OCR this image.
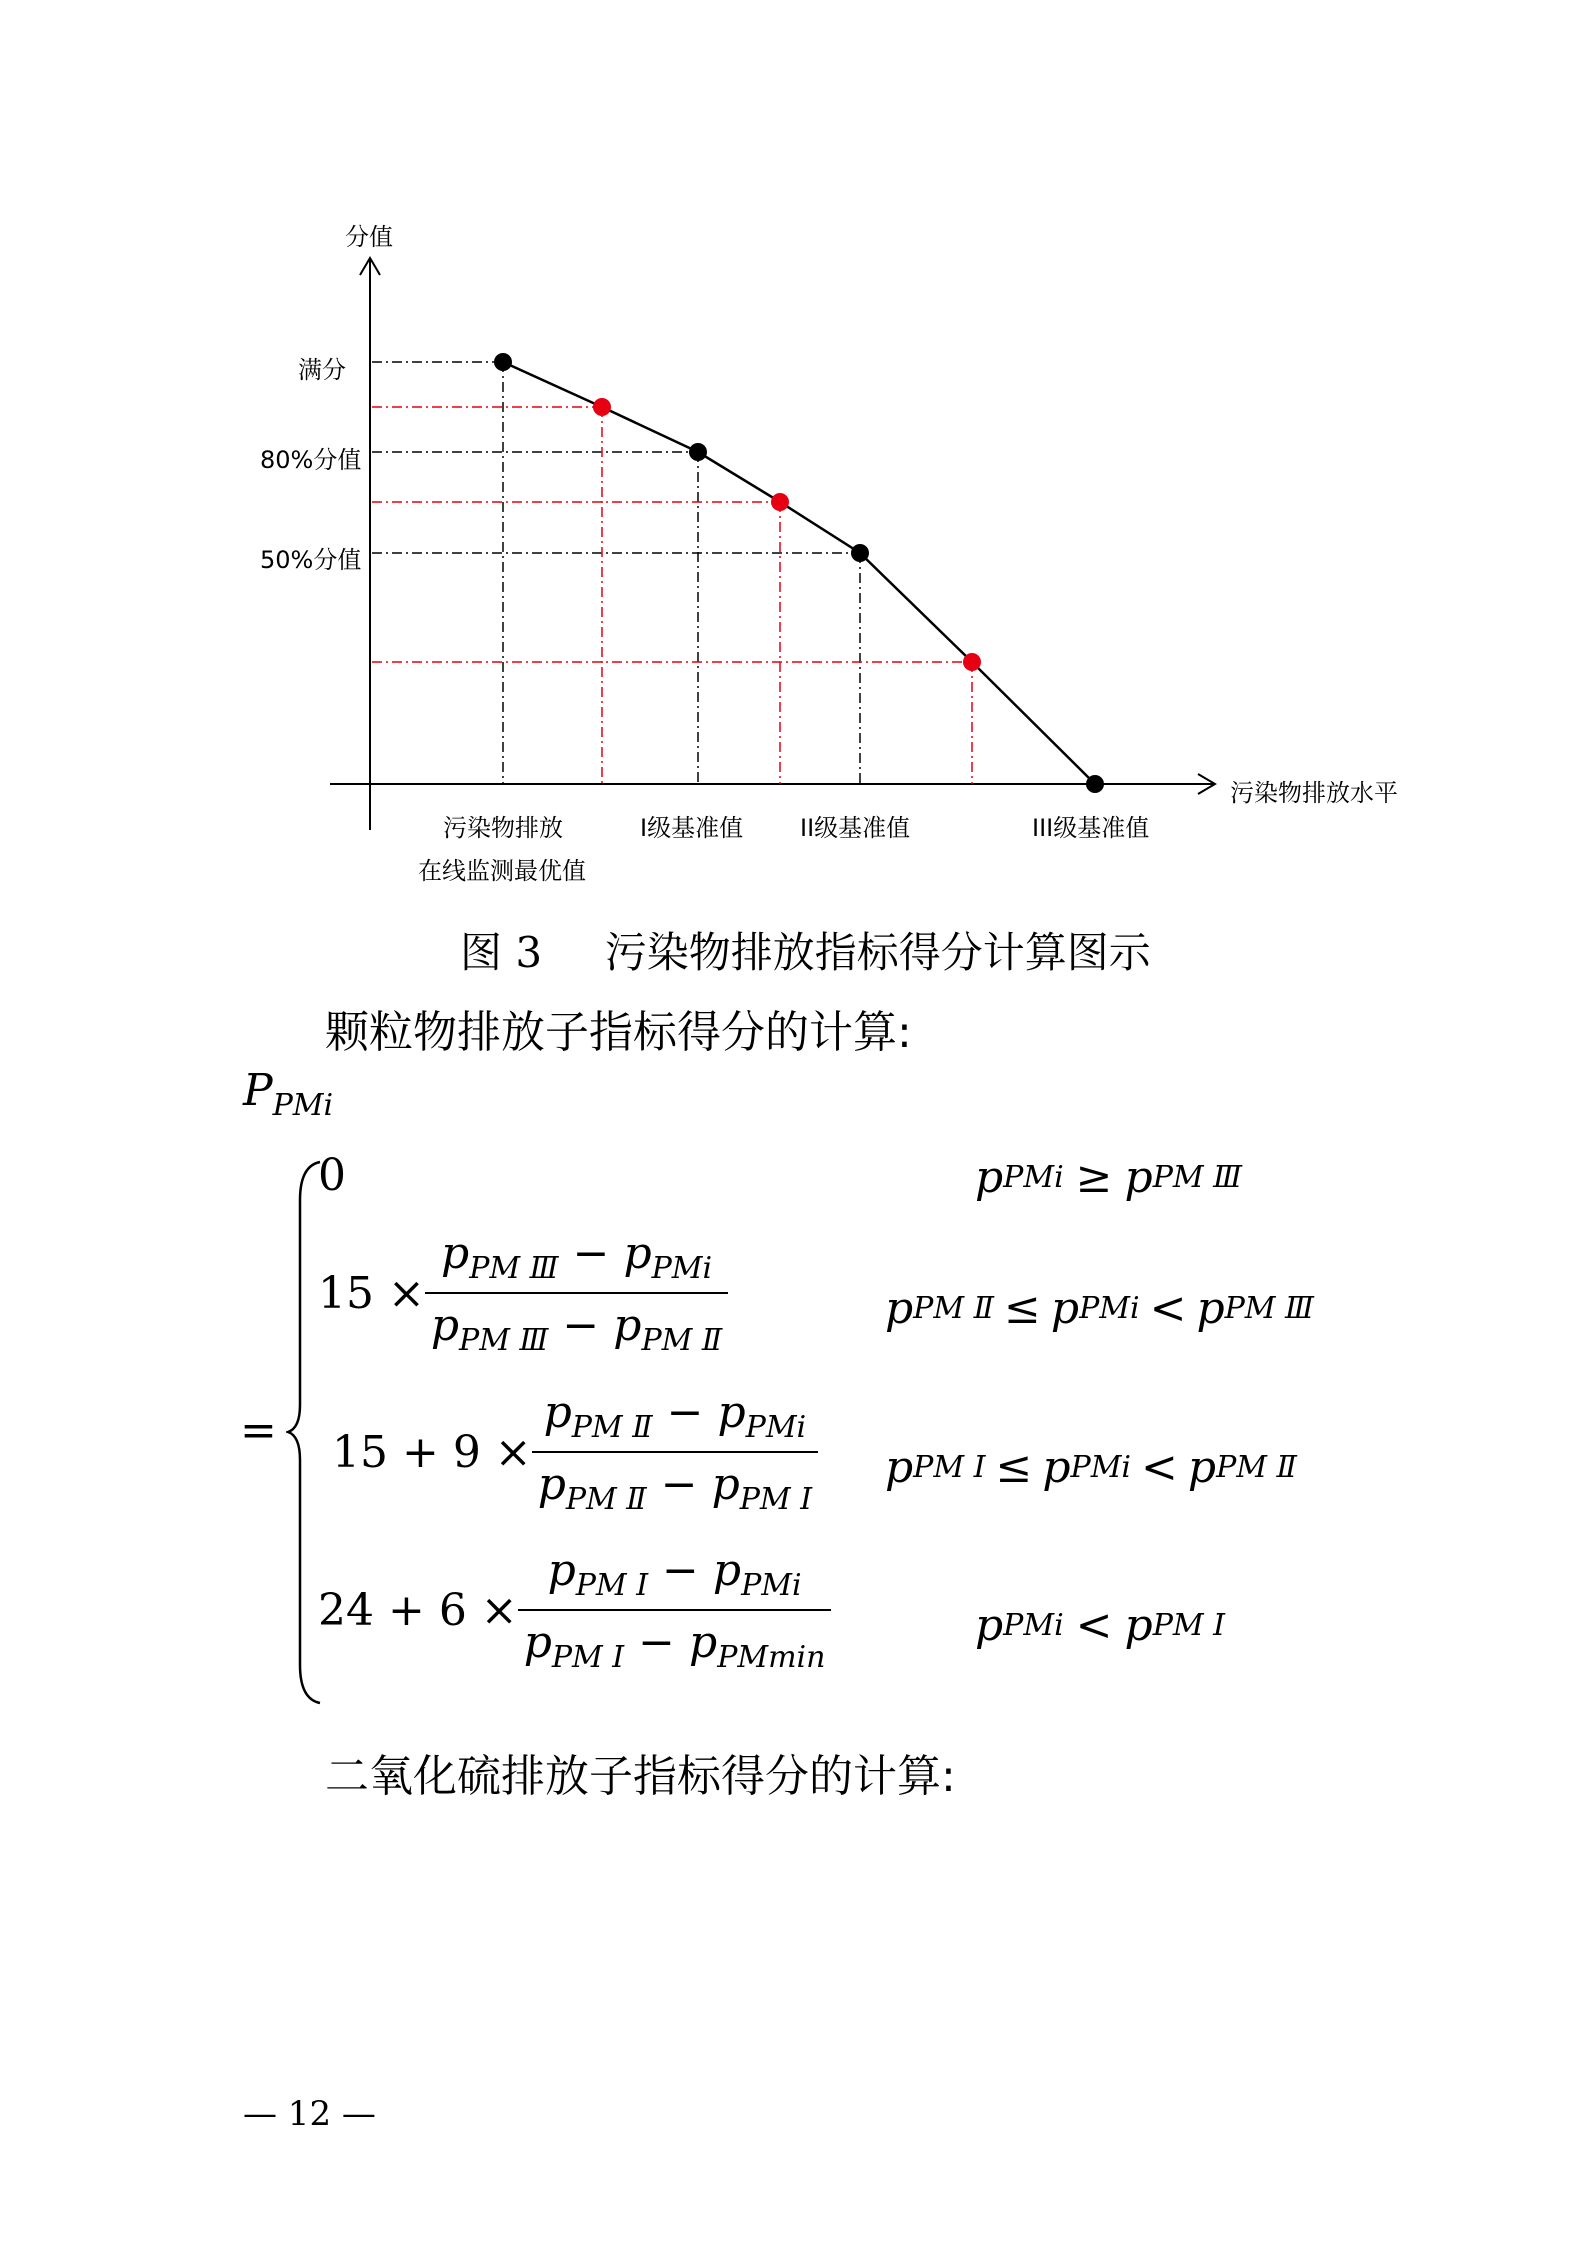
分值
污染物排放水平
满分
80%分值
50%分值
污染物排放
在线监测最优值
I级基准值 II级基准值	III级基准值
图 3 污染物排放指标得分计算图示
颗粒物排放子指标得分的计算:
$P_{PMi}$
=
0	p PMi ≥ p PM Ⅲ
$15 \times \frac{p_{PM Ⅲ} - p_{PMi}}{p_{PM Ⅲ} - p_{PM Ⅱ}}$	p PM Ⅱ ≤ p PMi < p PM Ⅲ
$15 + 9 \times \frac{p_{PM Ⅱ} - p_{PMi}}{p_{PM Ⅱ} - p_{PM Ⅰ}}$ p PM Ⅰ ≤ p PMi < p PM Ⅱ
$24 + 6 \times \frac{p_{PM Ⅰ} - p_{PMi}}{p_{PM Ⅰ} - p_{PMmin}}$	p PMi < p PM Ⅰ
二氧化硫排放子指标得分的计算:
— 12 —
